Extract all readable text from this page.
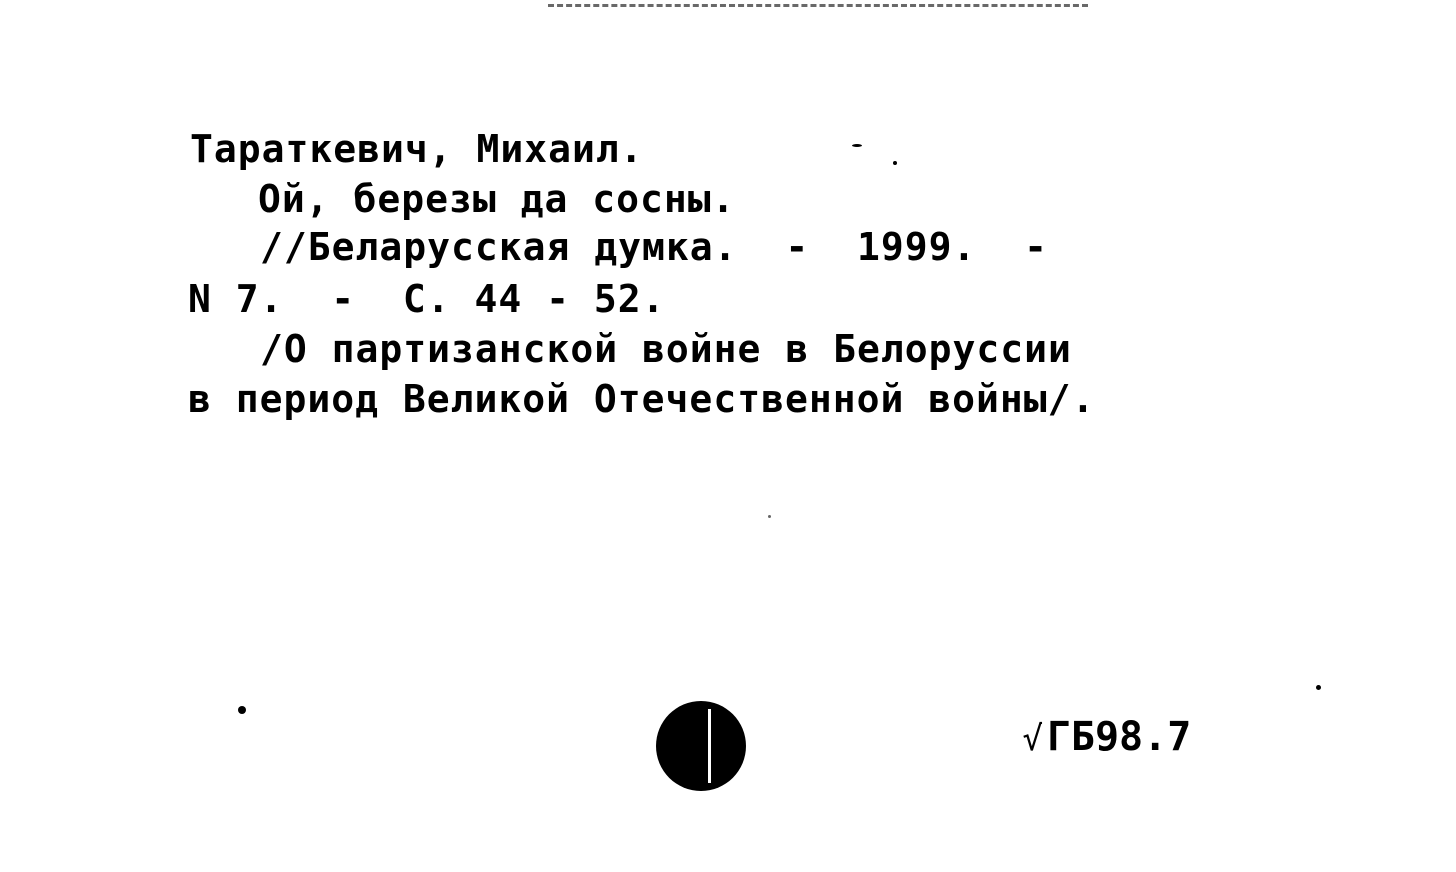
Тараткевич, Михаил.
Ой, березы да сосны.
//Беларусская думка.  -  1999.  -
N 7.  -  С. 44 - 52.
/О партизанской войне в Белоруссии
в период Великой Отечественной войны/.

√ ГБ98.7
